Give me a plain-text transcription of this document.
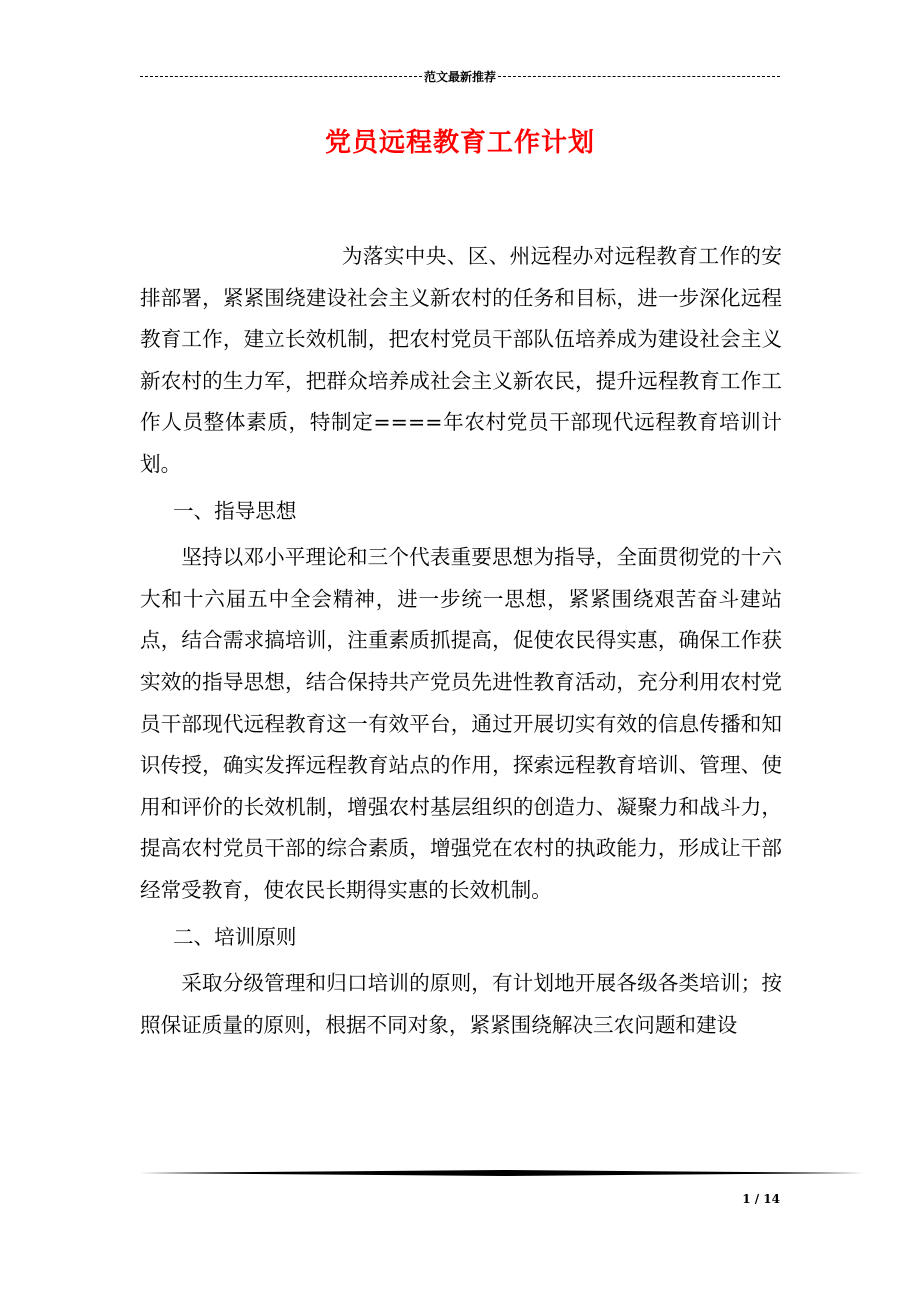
范文最新推荐
党员远程教育工作计划

为落实中央、区、州远程办对远程教育工作的安排部署，紧紧围绕建设社会主义新农村的任务和目标，进一步深化远程教育工作，建立长效机制，把农村党员干部队伍培养成为建设社会主义新农村的生力军，把群众培养成社会主义新农民，提升远程教育工作工作人员整体素质，特制定====年农村党员干部现代远程教育培训计划。

一、指导思想

坚持以邓小平理论和三个代表重要思想为指导，全面贯彻党的十六大和十六届五中全会精神，进一步统一思想，紧紧围绕艰苦奋斗建站点，结合需求搞培训，注重素质抓提高，促使农民得实惠，确保工作获实效的指导思想，结合保持共产党员先进性教育活动，充分利用农村党员干部现代远程教育这一有效平台，通过开展切实有效的信息传播和知识传授，确实发挥远程教育站点的作用，探索远程教育培训、管理、使用和评价的长效机制，增强农村基层组织的创造力、凝聚力和战斗力，提高农村党员干部的综合素质，增强党在农村的执政能力，形成让干部经常受教育，使农民长期得实惠的长效机制。

二、培训原则

采取分级管理和归口培训的原则，有计划地开展各级各类培训；按照保证质量的原则，根据不同对象，紧紧围绕解决三农问题和建设

1 / 14
